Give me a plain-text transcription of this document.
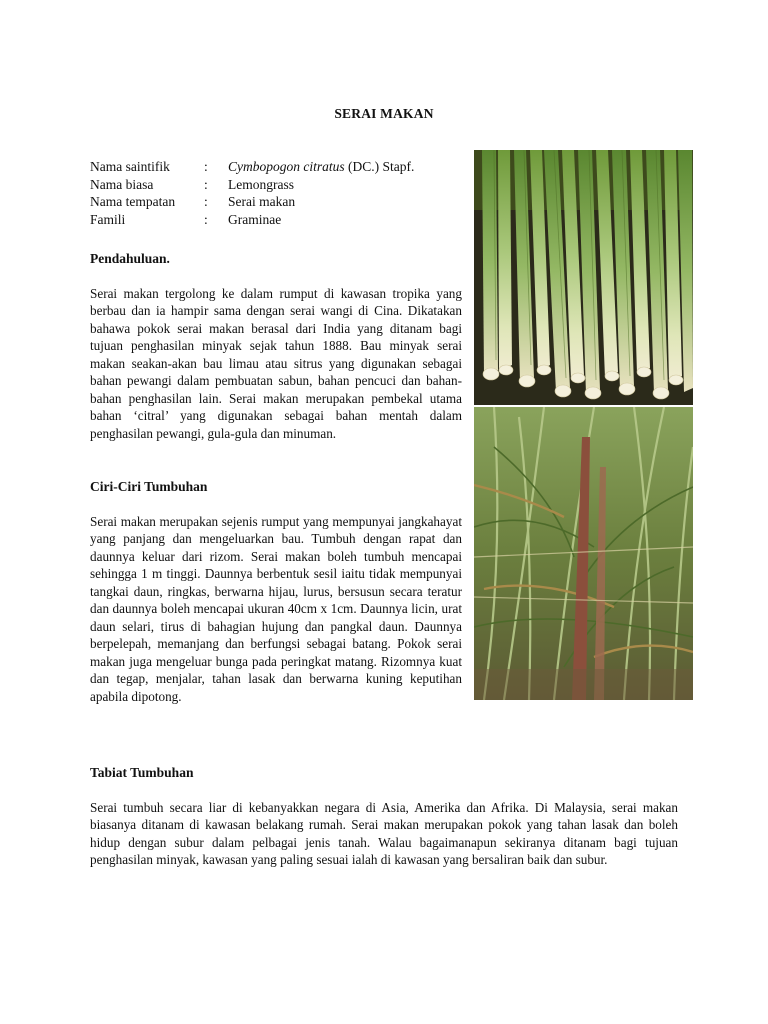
SERAI MAKAN
Nama saintifik	:	Cymbopogon citratus (DC.) Stapf.
Nama biasa	:	Lemongrass
Nama tempatan	:	Serai makan
Famili	:	Graminae
Pendahuluan.

Serai makan tergolong ke dalam rumput di kawasan tropika yang berbau dan ia hampir sama dengan serai wangi di Cina. Dikatakan bahawa pokok serai makan berasal dari India yang ditanam bagi tujuan penghasilan minyak sejak tahun 1888. Bau minyak serai makan seakan-akan bau limau atau sitrus yang digunakan sebagai bahan pewangi dalam pembuatan sabun, bahan pencuci dan bahan-bahan penghasilan lain. Serai makan merupakan pembekal utama bahan ‘citral’ yang digunakan sebagai bahan mentah dalam penghasilan pewangi, gula-gula dan minuman.

Ciri-Ciri Tumbuhan

Serai makan merupakan sejenis rumput yang mempunyai jangkahayat yang panjang dan mengeluarkan bau. Tumbuh dengan rapat dan daunnya keluar dari rizom. Serai makan boleh tumbuh mencapai sehingga 1 m tinggi. Daunnya berbentuk sesil iaitu tidak mempunyai tangkai daun, ringkas, berwarna hijau, lurus, bersusun secara teratur dan daunnya boleh mencapai ukuran 40cm x 1cm. Daunnya licin, urat daun selari, tirus di bahagian hujung dan pangkal daun. Daunnya berpelepah, memanjang dan berfungsi sebagai batang. Pokok serai makan juga mengeluar bunga pada peringkat matang. Rizomnya kuat dan tegap, menjalar, tahan lasak dan berwarna kuning keputihan apabila dipotong.

Tabiat Tumbuhan

Serai tumbuh secara liar di kebanyakkan negara di Asia, Amerika dan Afrika. Di Malaysia, serai makan biasanya ditanam di kawasan belakang rumah. Serai makan merupakan pokok yang tahan lasak dan boleh hidup dengan subur dalam pelbagai jenis tanah. Walau bagaimanapun sekiranya ditanam bagi tujuan penghasilan minyak, kawasan yang paling sesuai ialah di kawasan yang bersaliran baik dan subur.
